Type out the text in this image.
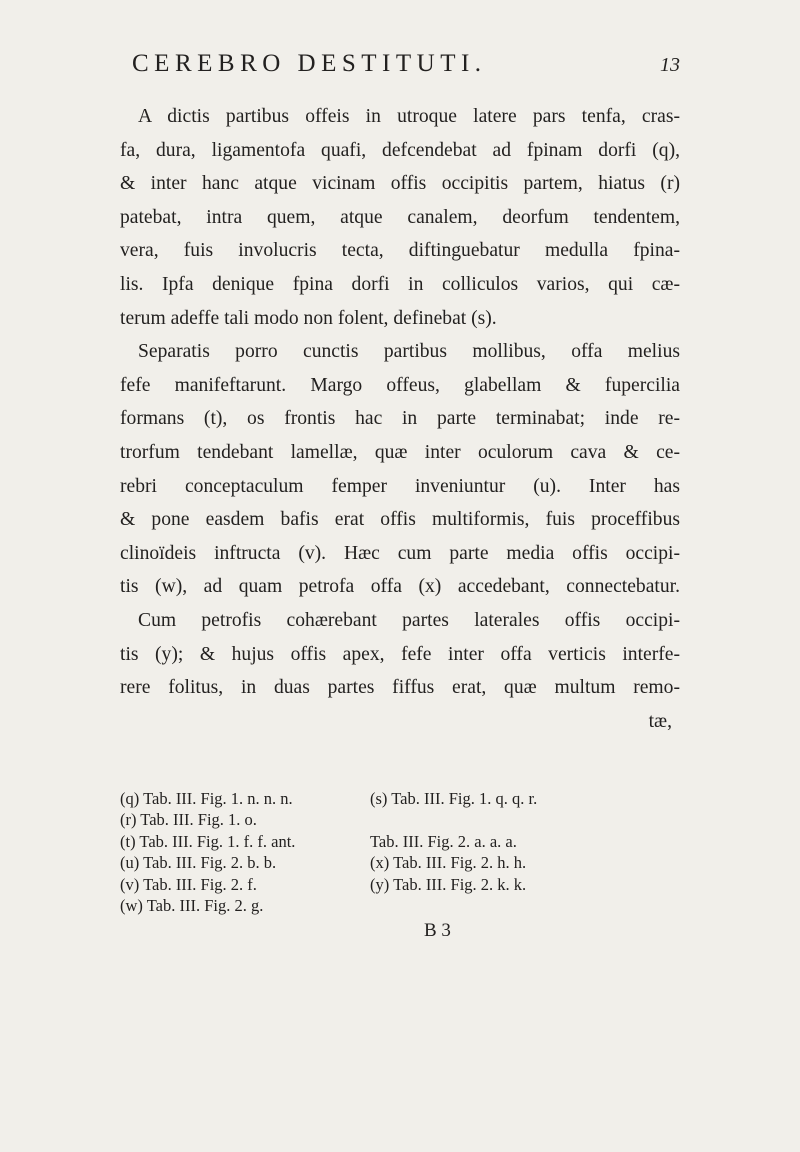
CEREBRO DESTITUTI.	13
A dictis partibus offeis in utroque latere pars tenfa, cras-
fa, dura, ligamentofa quafi, defcendebat ad fpinam dorfi (q),
& inter hanc atque vicinam offis occipitis partem, hiatus (r)
patebat, intra quem, atque canalem, deorfum tendentem,
vera, fuis involucris tecta, diftinguebatur medulla fpina-
lis. Ipfa denique fpina dorfi in colliculos varios, qui cæ-
terum adeffe tali modo non folent, definebat (s).
Separatis porro cunctis partibus mollibus, offa melius
fefe manifeftarunt. Margo offeus, glabellam & fupercilia
formans (t), os frontis hac in parte terminabat; inde re-
trorfum tendebant lamellæ, quæ inter oculorum cava & ce-
rebri conceptaculum femper inveniuntur (u). Inter has
& pone easdem bafis erat offis multiformis, fuis proceffibus
clinoïdeis inftructa (v). Hæc cum parte media offis occipi-
tis (w), ad quam petrofa offa (x) accedebant, connectebatur.
Cum petrofis cohærebant partes laterales offis occipi-
tis (y); & hujus offis apex, fefe inter offa verticis interfe-
rere folitus, in duas partes fiffus erat, quæ multum remo-
tæ,
(q) Tab. III. Fig. 1. n. n. n.	(s) Tab. III. Fig. 1. q. q. r.
(r) Tab. III. Fig. 1. o.
(t) Tab. III. Fig. 1. f. f. ant.	Tab. III. Fig. 2. a. a. a.
(u) Tab. III. Fig. 2. b. b.	(x) Tab. III. Fig. 2. h. h.
(v) Tab. III. Fig. 2. f.	(y) Tab. III. Fig. 2. k. k.
(w) Tab. III. Fig. 2. g.
B 3
